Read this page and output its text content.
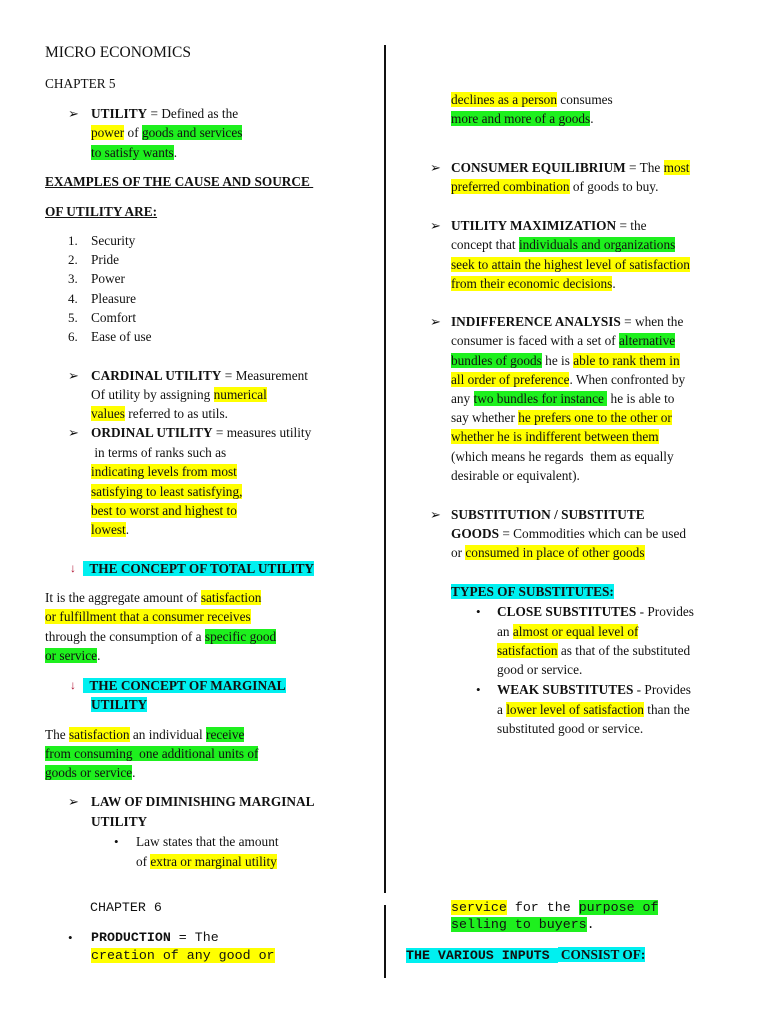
MICRO ECONOMICS
CHAPTER 5
➢ UTILITY = Defined as the
power of goods and services
to satisfy wants.
EXAMPLES OF THE CAUSE AND SOURCE
OF UTILITY ARE:
1. Security
2. Pride
3. Power
4. Pleasure
5. Comfort
6. Ease of use
➢ CARDINAL UTILITY = Measurement
Of utility by assigning numerical
values referred to as utils.
➢ ORDINAL UTILITY = measures utility
in terms of ranks such as
indicating levels from most
satisfying to least satisfying,
best to worst and highest to
lowest.
↓ THE CONCEPT OF TOTAL UTILITY
It is the aggregate amount of satisfaction
or fulfillment that a consumer receives
through the consumption of a specific good
or service.
↓ THE CONCEPT OF MARGINAL
UTILITY
The satisfaction an individual receive
from consuming  one additional units of
goods or service.
➢ LAW OF DIMINISHING MARGINAL
UTILITY
• Law states that the amount
of extra or marginal utility
CHAPTER 6
• PRODUCTION = The
creation of any good or
declines as a person consumes
more and more of a goods.
➢ CONSUMER EQUILIBRIUM = The most
preferred combination of goods to buy.
➢ UTILITY MAXIMIZATION = the
concept that individuals and organizations
seek to attain the highest level of satisfaction
from their economic decisions.
➢ INDIFFERENCE ANALYSIS = when the
consumer is faced with a set of alternative
bundles of goods he is able to rank them in
all order of preference. When confronted by
any two bundles for instance  he is able to
say whether he prefers one to the other or
whether he is indifferent between them
(which means he regards  them as equally
desirable or equivalent).
➢ SUBSTITUTION / SUBSTITUTE
GOODS = Commodities which can be used
or consumed in place of other goods
TYPES OF SUBSTITUTES:
• CLOSE SUBSTITUTES - Provides
an almost or equal level of
satisfaction as that of the substituted
good or service.
• WEAK SUBSTITUTES - Provides
a lower level of satisfaction than the
substituted good or service.
service for the purpose of
selling to buyers.
THE VARIOUS INPUTS  CONSIST OF:
